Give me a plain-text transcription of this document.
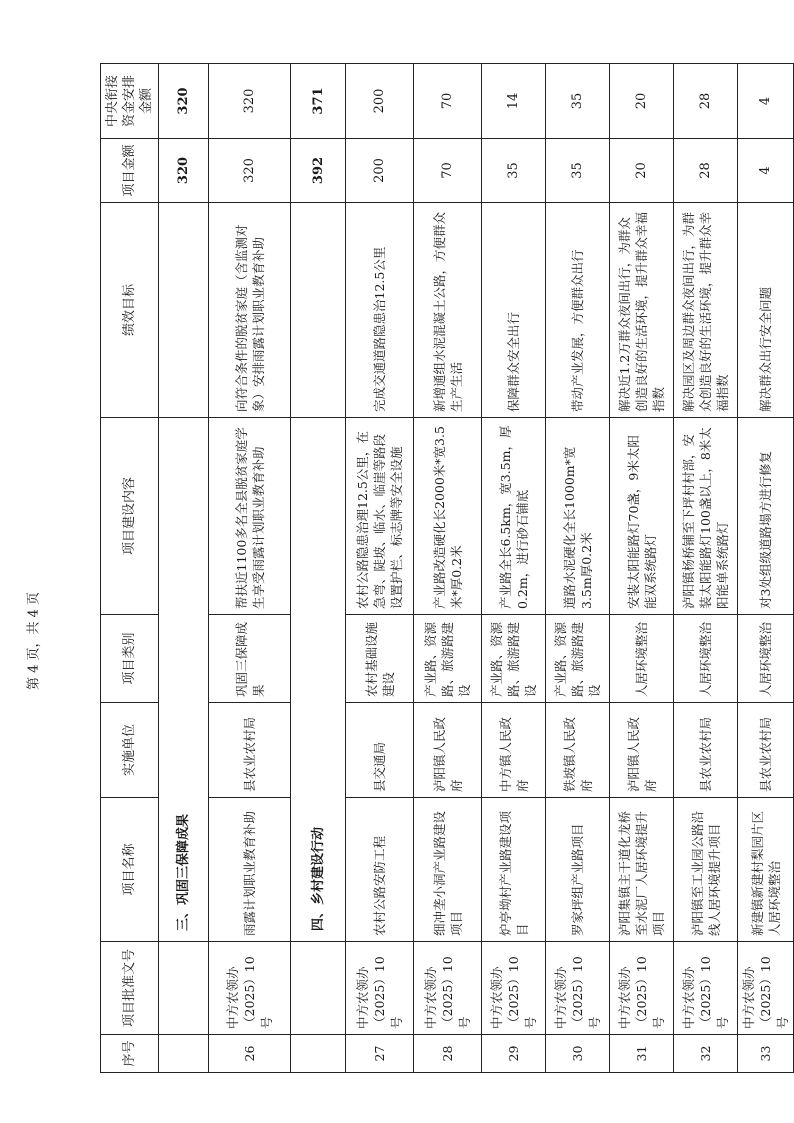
序号	项目批准文号	项目名称	实施单位	项目类别	项目建设内容	绩效目标	项目金额	中央衔接资金安排金额
		三、巩固三保障成果					320	320
26	中方农领办（2025）10号	雨露计划职业教育补助	县农业农村局	巩固三保障成果	帮扶近1100多名全县脱贫家庭学生享受雨露计划职业教育补助	向符合条件的脱贫家庭（含监测对象）安排雨露计划职业教育补助	320	320
		四、乡村建设行动					392	371
27	中方农领办（2025）10号	农村公路安防工程	县交通局	农村基础设施建设	农村公路隐患治理12.5公里，在急弯、陡坡、临水、临崖等路段设置护栏、标志牌等安全设施	完成交通道路隐患治12.5公里	200	200
28	中方农领办（2025）10号	细冲垄小洞产业路建设项目	泸阳镇人民政府	产业路、资源路、旅游路建设	产业路改造硬化长2000米*宽3.5米*厚0.2米	新增通组水泥混凝土公路，方便群众生产生活	70	70
29	中方农领办（2025）10号	炉亭坳村产业路建设项目	中方镇人民政府	产业路、资源路、旅游路建设	产业路全长6.5km，宽3.5m，厚0.2m，进行砂石铺底	保障群众安全出行	35	14
30	中方农领办（2025）10号	罗家坪组产业路项目	铁坡镇人民政府	产业路、资源路、旅游路建设	道路水泥硬化全长1000m*宽3.5m厚0.2米	带动产业发展，方便群众出行	35	35
31	中方农领办（2025）10号	泸阳集镇主干道化龙桥至水泥厂人居环境提升项目	泸阳镇人民政府	人居环境整治	安装太阳能路灯70盏，9米太阳能双系统路灯	解决近1.2万群众夜间出行，为群众创造良好的生活环境，提升群众幸福指数	20	20
32	中方农领办（2025）10号	泸阳镇至工业园公路沿线人居环境提升项目	县农业农村局	人居环境整治	泸阳镇杨桥铺至下坪村村部，安装太阳能路灯100盏以上，8米太阳能单系统路灯	解决园区及周边群众夜间出行，为群众创造良好的生活环境，提升群众幸福指数	28	28
33	中方农领办（2025）10号	新建镇新建村梨园片区人居环境整治	县农业农村局	人居环境整治	对3处组级道路塌方进行修复	解决群众出行安全问题	4	4
第 4 页，共 4 页
